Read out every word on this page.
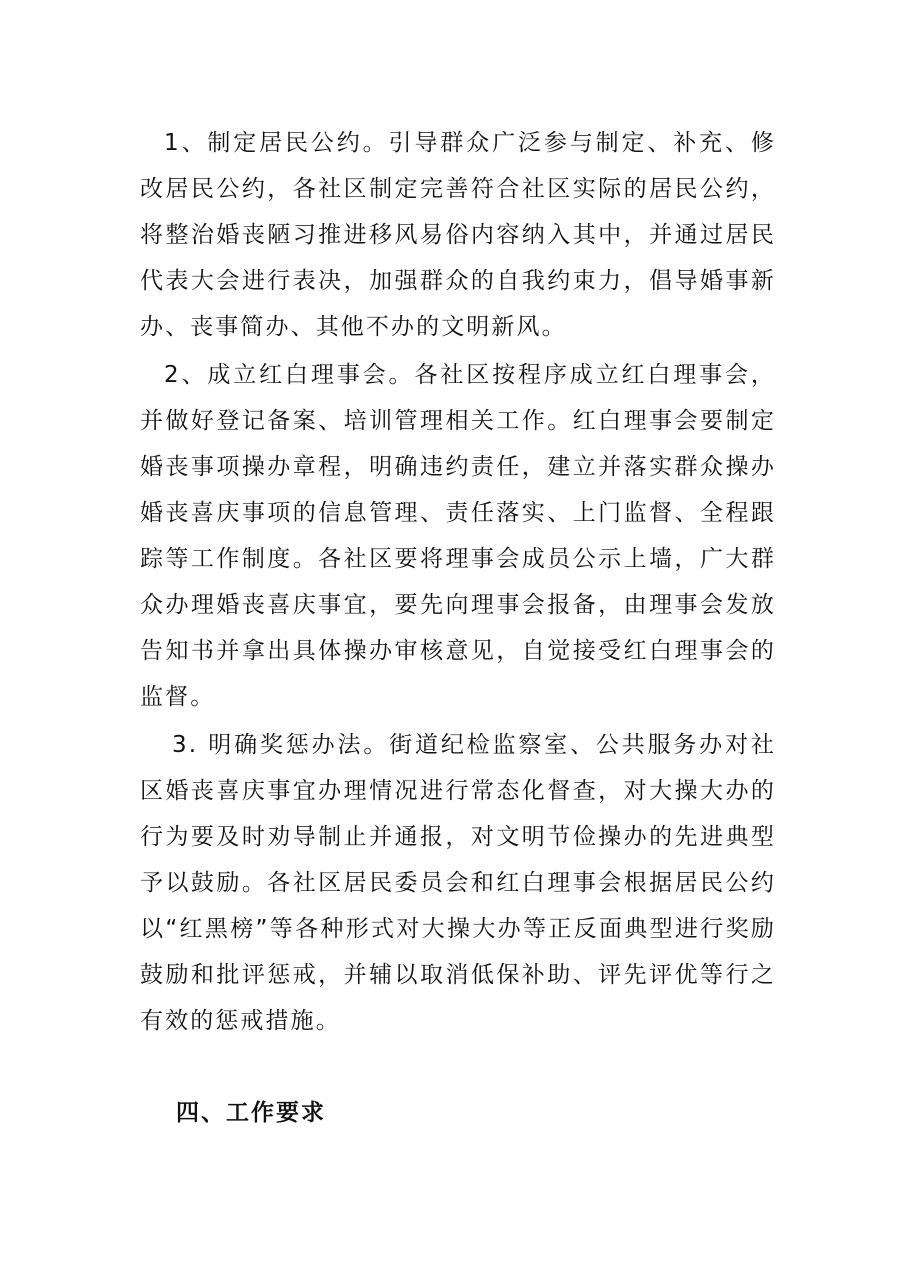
1、制定居民公约。引导群众广泛参与制定、补充、修改居民公约，各社区制定完善符合社区实际的居民公约，将整治婚丧陋习推进移风易俗内容纳入其中，并通过居民代表大会进行表决，加强群众的自我约束力，倡导婚事新办、丧事简办、其他不办的文明新风。

2、成立红白理事会。各社区按程序成立红白理事会，并做好登记备案、培训管理相关工作。红白理事会要制定婚丧事项操办章程，明确违约责任，建立并落实群众操办婚丧喜庆事项的信息管理、责任落实、上门监督、全程跟踪等工作制度。各社区要将理事会成员公示上墙，广大群众办理婚丧喜庆事宜，要先向理事会报备，由理事会发放告知书并拿出具体操办审核意见，自觉接受红白理事会的监督。

3. 明确奖惩办法。街道纪检监察室、公共服务办对社区婚丧喜庆事宜办理情况进行常态化督查，对大操大办的行为要及时劝导制止并通报，对文明节俭操办的先进典型予以鼓励。各社区居民委员会和红白理事会根据居民公约以“红黑榜”等各种形式对大操大办等正反面典型进行奖励鼓励和批评惩戒，并辅以取消低保补助、评先评优等行之有效的惩戒措施。

四、工作要求
